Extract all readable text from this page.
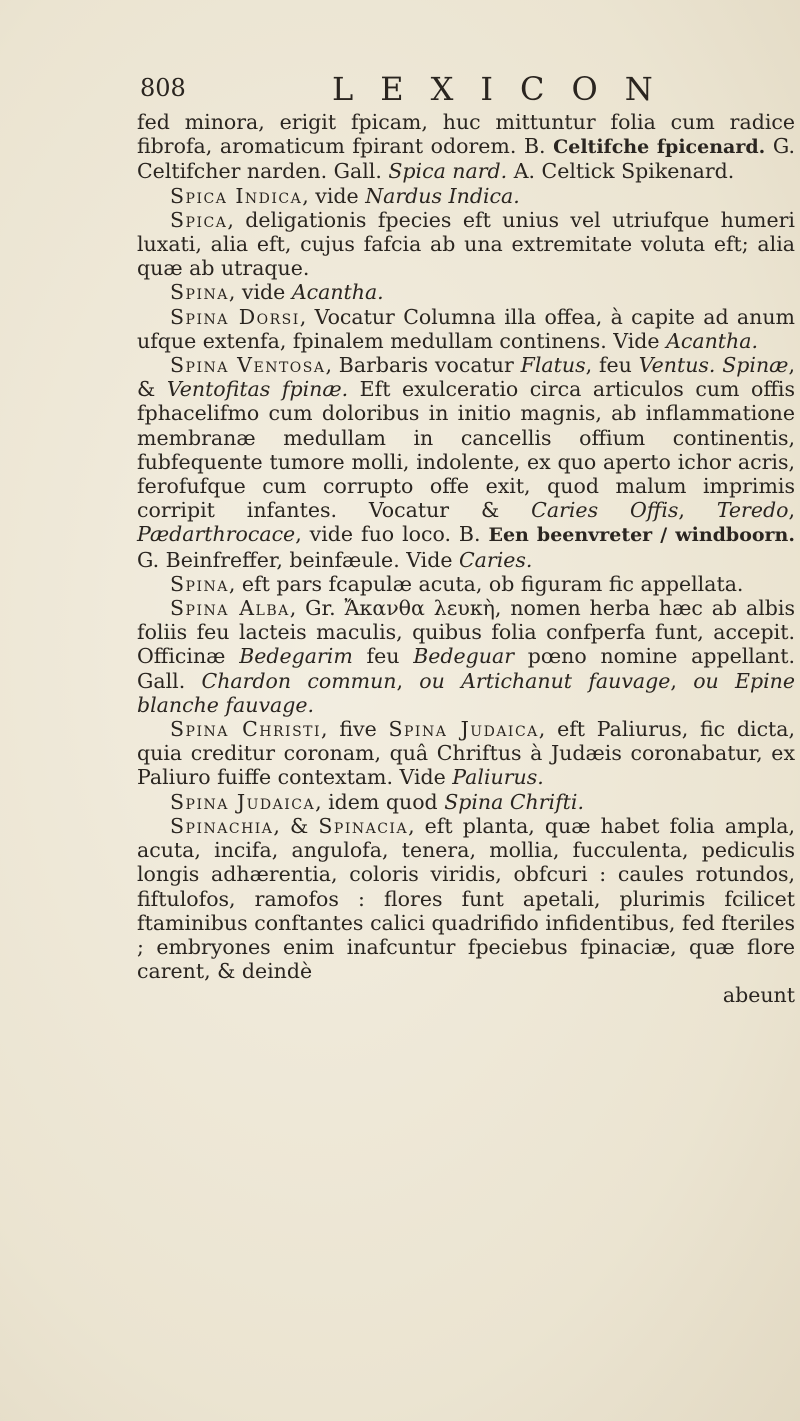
808	LEXICON

fed minora, erigit fpicam, huc mittuntur folia cum radice fibrofa, aromaticum fpirant odorem. B. Celtifche fpicenard. G. Celtifcher narden. Gall. Spica nard. A. Celtick Spikenard.

Spica Indica, vide Nardus Indica.

Spica, deligationis fpecies eft unius vel utriufque humeri luxati, alia eft, cujus fafcia ab una extremitate voluta eft; alia quæ ab utraque.

Spina, vide Acantha.

Spina Dorsi, Vocatur Columna illa offea, à capite ad anum ufque extenfa, fpinalem medullam continens. Vide Acantha.

Spina Ventosa, Barbaris vocatur Flatus, feu Ventus. Spinæ, & Ventofitas fpinæ. Eft exulceratio circa articulos cum offis fphacelifmo cum doloribus in initio magnis, ab inflammatione membranæ medullam in cancellis offium continentis, fubfequente tumore molli, indolente, ex quo aperto ichor acris, ferofufque cum corrupto offe exit, quod malum imprimis corripit infantes. Vocatur & Caries Offis, Teredo, Pædarthrocace, vide fuo loco. B. Een beenvreter / windboorn. G. Beinfreffer, beinfæule. Vide Caries.

Spina, eft pars fcapulæ acuta, ob figuram fic appellata.

Spina Alba, Gr. Ἄκανθα λευκὴ, nomen herba hæc ab albis foliis feu lacteis maculis, quibus folia confperfa funt, accepit. Officinæ Bedegarim feu Bedeguar pœno nomine appellant. Gall. Chardon commun, ou Artichanut fauvage, ou Epine blanche fauvage.

Spina Christi, five Spina Judaica, eft Paliurus, fic dicta, quia creditur coronam, quâ Chriftus à Judæis coronabatur, ex Paliuro fuiffe contextam. Vide Paliurus.

Spina Judaica, idem quod Spina Chrifti.

Spinachia, & Spinacia, eft planta, quæ habet folia ampla, acuta, incifa, angulofa, tenera, mollia, fucculenta, pediculis longis adhærentia, coloris viridis, obfcuri : caules rotundos, fiftulofos, ramofos : flores funt apetali, plurimis fcilicet ftaminibus conftantes calici quadrifido infidentibus, fed fteriles ; embryones enim inafcuntur fpeciebus fpinaciæ, quæ flore carent, & deindè

abeunt
